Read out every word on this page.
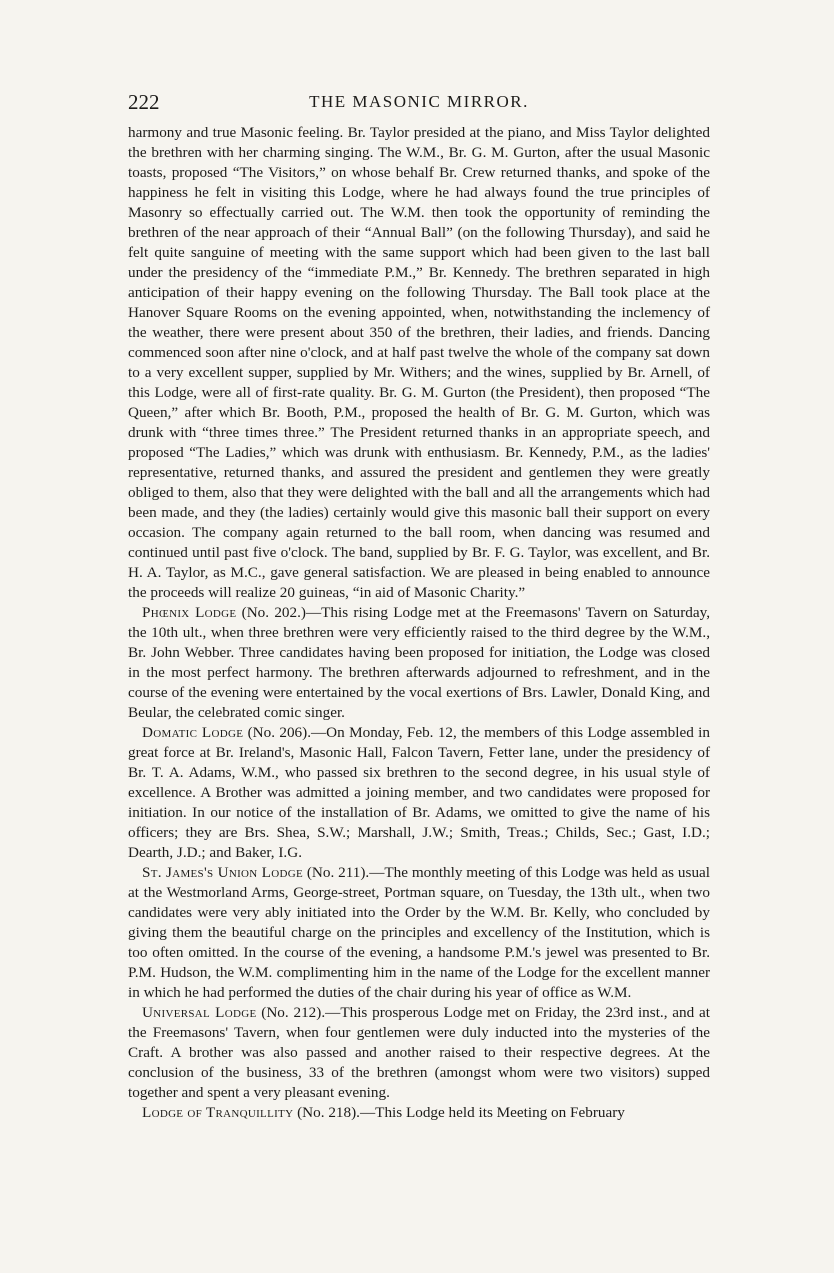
222	THE MASONIC MIRROR.

harmony and true Masonic feeling. Br. Taylor presided at the piano, and Miss Taylor delighted the brethren with her charming singing. The W.M., Br. G. M. Gurton, after the usual Masonic toasts, proposed “The Visitors,” on whose behalf Br. Crew returned thanks, and spoke of the happiness he felt in visiting this Lodge, where he had always found the true principles of Masonry so effectually carried out. The W.M. then took the opportunity of reminding the brethren of the near approach of their “Annual Ball” (on the following Thursday), and said he felt quite sanguine of meeting with the same support which had been given to the last ball under the presidency of the “immediate P.M.,” Br. Kennedy. The brethren separated in high anticipation of their happy evening on the following Thursday. The Ball took place at the Hanover Square Rooms on the evening appointed, when, notwithstanding the inclemency of the weather, there were present about 350 of the brethren, their ladies, and friends. Dancing commenced soon after nine o'clock, and at half past twelve the whole of the company sat down to a very excellent supper, supplied by Mr. Withers; and the wines, supplied by Br. Arnell, of this Lodge, were all of first-rate quality. Br. G. M. Gurton (the President), then proposed “The Queen,” after which Br. Booth, P.M., proposed the health of Br. G. M. Gurton, which was drunk with “three times three.” The President returned thanks in an appropriate speech, and proposed “The Ladies,” which was drunk with enthusiasm. Br. Kennedy, P.M., as the ladies' representative, returned thanks, and assured the president and gentlemen they were greatly obliged to them, also that they were delighted with the ball and all the arrangements which had been made, and they (the ladies) certainly would give this masonic ball their support on every occasion. The company again returned to the ball room, when dancing was resumed and continued until past five o'clock. The band, supplied by Br. F. G. Taylor, was excellent, and Br. H. A. Taylor, as M.C., gave general satisfaction. We are pleased in being enabled to announce the proceeds will realize 20 guineas, “in aid of Masonic Charity.”

Phœnix Lodge (No. 202.)—This rising Lodge met at the Freemasons' Tavern on Saturday, the 10th ult., when three brethren were very efficiently raised to the third degree by the W.M., Br. John Webber. Three candidates having been proposed for initiation, the Lodge was closed in the most perfect harmony. The brethren afterwards adjourned to refreshment, and in the course of the evening were entertained by the vocal exertions of Brs. Lawler, Donald King, and Beular, the celebrated comic singer.

Domatic Lodge (No. 206).—On Monday, Feb. 12, the members of this Lodge assembled in great force at Br. Ireland's, Masonic Hall, Falcon Tavern, Fetter lane, under the presidency of Br. T. A. Adams, W.M., who passed six brethren to the second degree, in his usual style of excellence. A Brother was admitted a joining member, and two candidates were proposed for initiation. In our notice of the installation of Br. Adams, we omitted to give the name of his officers; they are Brs. Shea, S.W.; Marshall, J.W.; Smith, Treas.; Childs, Sec.; Gast, I.D.; Dearth, J.D.; and Baker, I.G.

St. James's Union Lodge (No. 211).—The monthly meeting of this Lodge was held as usual at the Westmorland Arms, George-street, Portman square, on Tuesday, the 13th ult., when two candidates were very ably initiated into the Order by the W.M. Br. Kelly, who concluded by giving them the beautiful charge on the principles and excellency of the Institution, which is too often omitted. In the course of the evening, a handsome P.M.'s jewel was presented to Br. P.M. Hudson, the W.M. complimenting him in the name of the Lodge for the excellent manner in which he had performed the duties of the chair during his year of office as W.M.

Universal Lodge (No. 212).—This prosperous Lodge met on Friday, the 23rd inst., and at the Freemasons' Tavern, when four gentlemen were duly inducted into the mysteries of the Craft. A brother was also passed and another raised to their respective degrees. At the conclusion of the business, 33 of the brethren (amongst whom were two visitors) supped together and spent a very pleasant evening.

Lodge of Tranquillity (No. 218).—This Lodge held its Meeting on February
